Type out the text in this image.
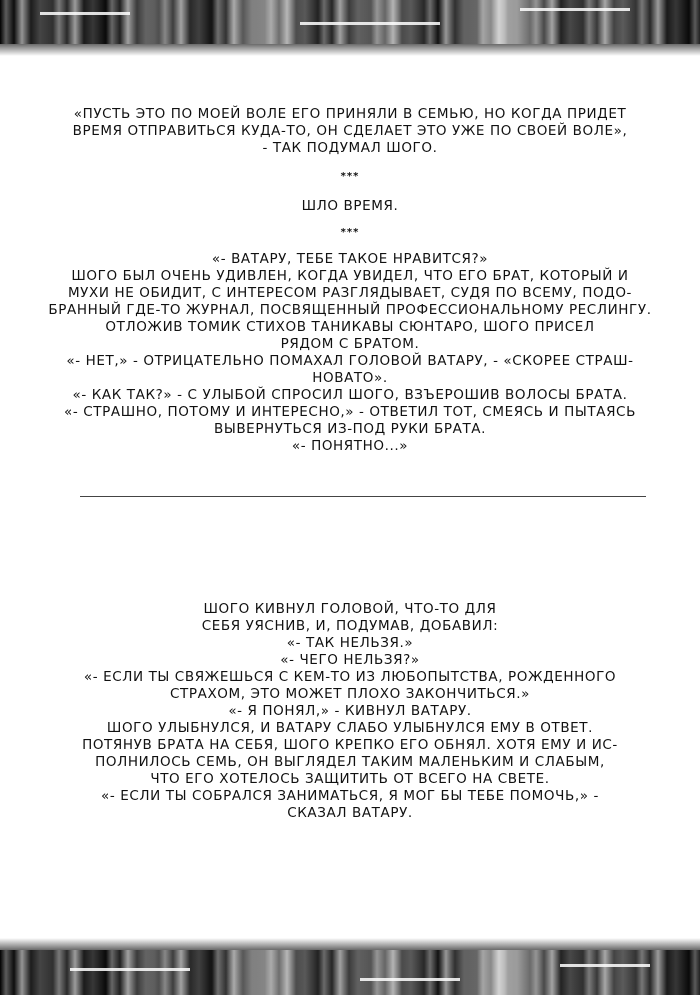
«ПУСТЬ ЭТО ПО МОЕЙ ВОЛЕ ЕГО ПРИНЯЛИ В СЕМЬЮ, НО КОГДА ПРИДЕТ

ВРЕМЯ ОТПРАВИТЬСЯ КУДА-ТО, ОН СДЕЛАЕТ ЭТО УЖЕ ПО СВОЕЙ ВОЛЕ»,

- ТАК ПОДУМАЛ ШОГО.

***
ШЛО ВРЕМЯ.
***

«- ВАТАРУ, ТЕБЕ ТАКОЕ НРАВИТСЯ?»

ШОГО БЫЛ ОЧЕНЬ УДИВЛЕН, КОГДА УВИДЕЛ, ЧТО ЕГО БРАТ, КОТОРЫЙ И

МУХИ НЕ ОБИДИТ, С ИНТЕРЕСОМ РАЗГЛЯДЫВАЕТ, СУДЯ ПО ВСЕМУ, ПОДО-

БРАННЫЙ ГДЕ-ТО ЖУРНАЛ, ПОСВЯЩЕННЫЙ ПРОФЕССИОНАЛЬНОМУ РЕСЛИНГУ.

ОТЛОЖИВ ТОМИК СТИХОВ ТАНИКАВЫ СЮНТАРО, ШОГО ПРИСЕЛ

РЯДОМ С БРАТОМ.

«- НЕТ,» - ОТРИЦАТЕЛЬНО ПОМАХАЛ ГОЛОВОЙ ВАТАРУ, - «СКОРЕЕ СТРАШ-

НОВАТО».

«- КАК ТАК?» - С УЛЫБОЙ СПРОСИЛ ШОГО, ВЗЪЕРОШИВ ВОЛОСЫ БРАТА.

«- СТРАШНО, ПОТОМУ И ИНТЕРЕСНО,» - ОТВЕТИЛ ТОТ, СМЕЯСЬ И ПЫТАЯСЬ

ВЫВЕРНУТЬСЯ ИЗ-ПОД РУКИ БРАТА.

«- ПОНЯТНО...»

ШОГО КИВНУЛ ГОЛОВОЙ, ЧТО-ТО ДЛЯ

СЕБЯ УЯСНИВ, И, ПОДУМАВ, ДОБАВИЛ:

«- ТАК НЕЛЬЗЯ.»

«- ЧЕГО НЕЛЬЗЯ?»

«- ЕСЛИ ТЫ СВЯЖЕШЬСЯ С КЕМ-ТО ИЗ ЛЮБОПЫТСТВА, РОЖДЕННОГО

СТРАХОМ, ЭТО МОЖЕТ ПЛОХО ЗАКОНЧИТЬСЯ.»

«- Я ПОНЯЛ,» - КИВНУЛ ВАТАРУ.

ШОГО УЛЫБНУЛСЯ, И ВАТАРУ СЛАБО УЛЫБНУЛСЯ ЕМУ В ОТВЕТ.

ПОТЯНУВ БРАТА НА СЕБЯ, ШОГО КРЕПКО ЕГО ОБНЯЛ. ХОТЯ ЕМУ И ИС-

ПОЛНИЛОСЬ СЕМЬ, ОН ВЫГЛЯДЕЛ ТАКИМ МАЛЕНЬКИМ И СЛАБЫМ,

ЧТО ЕГО ХОТЕЛОСЬ ЗАЩИТИТЬ ОТ ВСЕГО НА СВЕТЕ.

«- ЕСЛИ ТЫ СОБРАЛСЯ ЗАНИМАТЬСЯ, Я МОГ БЫ ТЕБЕ ПОМОЧЬ,» -

СКАЗАЛ ВАТАРУ.
